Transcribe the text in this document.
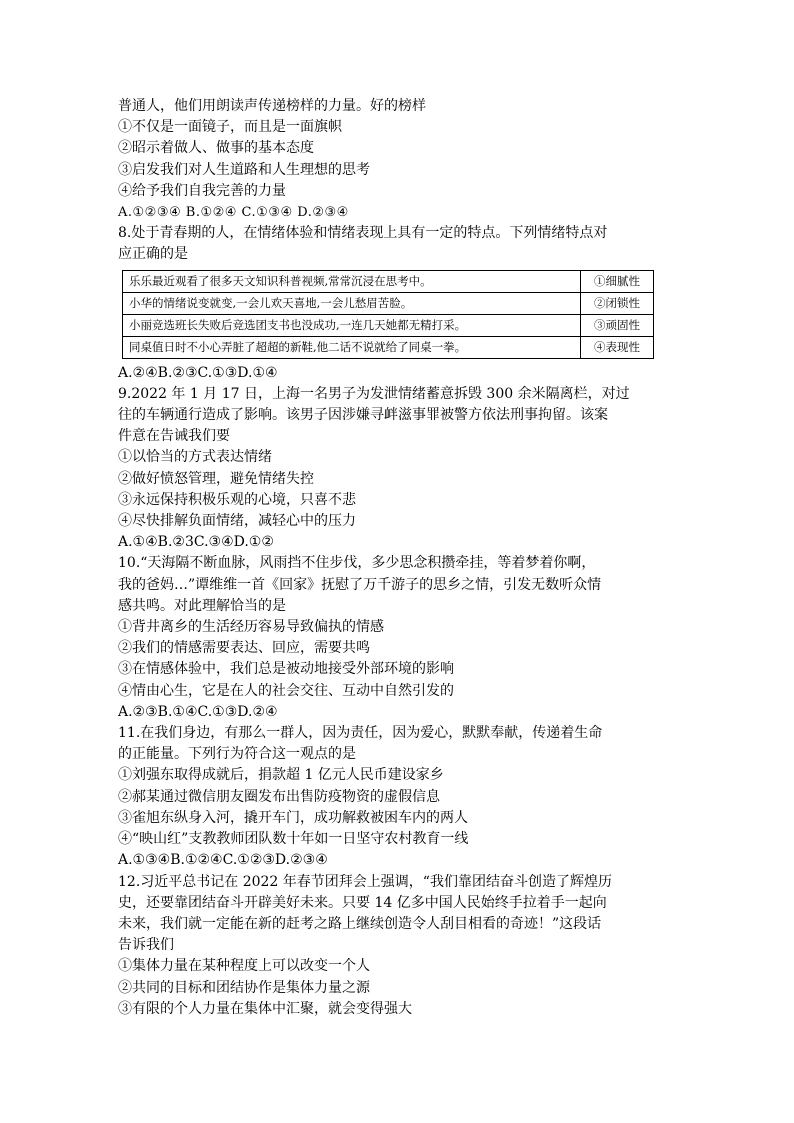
普通人，他们用朗读声传递榜样的力量。好的榜样
①不仅是一面镜子，而且是一面旗帜
②昭示着做人、做事的基本态度
③启发我们对人生道路和人生理想的思考
④给予我们自我完善的力量
A.①②③④ B.①②④ C.①③④ D.②③④
8.处于青春期的人，在情绪体验和情绪表现上具有一定的特点。下列情绪特点对
应正确的是
乐乐最近观看了很多天文知识科普视频,常常沉浸在思考中。	①细腻性
小华的情绪说变就变,一会儿欢天喜地,一会儿愁眉苦脸。	②闭锁性
小丽竞选班长失败后竞选团支书也没成功,一连几天她都无精打采。	③顽固性
同桌值日时不小心弄脏了超超的新鞋,他二话不说就给了同桌一拳。	④表现性
A.②④B.②③C.①③D.①④
9.2022 年 1 月 17 日，上海一名男子为发泄情绪蓄意拆毁 300 余米隔离栏，对过
往的车辆通行造成了影响。该男子因涉嫌寻衅滋事罪被警方依法刑事拘留。该案
件意在告诫我们要
①以恰当的方式表达情绪
②做好愤怒管理，避免情绪失控
③永远保持积极乐观的心境，只喜不悲
④尽快排解负面情绪，减轻心中的压力
A.①④B.②3C.③④D.①②
10.“天海隔不断血脉，风雨挡不住步伐，多少思念积攒牵挂，等着梦着你啊，
我的爸妈…”谭维维一首《回家》抚慰了万千游子的思乡之情，引发无数听众情
感共鸣。对此理解恰当的是
①背井离乡的生活经历容易导致偏执的情感
②我们的情感需要表达、回应，需要共鸣
③在情感体验中，我们总是被动地接受外部环境的影响
④情由心生，它是在人的社会交往、互动中自然引发的
A.②③B.①④C.①③D.②④
11.在我们身边，有那么一群人，因为责任，因为爱心，默默奉献，传递着生命
的正能量。下列行为符合这一观点的是
①刘强东取得成就后，捐款超 1 亿元人民币建设家乡
②郝某通过微信朋友圈发布出售防疫物资的虚假信息
③雀旭东纵身入河，撬开车门，成功解救被困车内的两人
④“映山红”支教教师团队数十年如一日坚守农村教育一线
A.①③④B.①②④C.①②③D.②③④
12.习近平总书记在 2022 年春节团拜会上强调，“我们靠团结奋斗创造了辉煌历
史，还要靠团结奋斗开辟美好未来。只要 14 亿多中国人民始终手拉着手一起向
未来，我们就一定能在新的赶考之路上继续创造令人刮目相看的奇迹！”这段话
告诉我们
①集体力量在某种程度上可以改变一个人
②共同的目标和团结协作是集体力量之源
③有限的个人力量在集体中汇聚，就会变得强大
